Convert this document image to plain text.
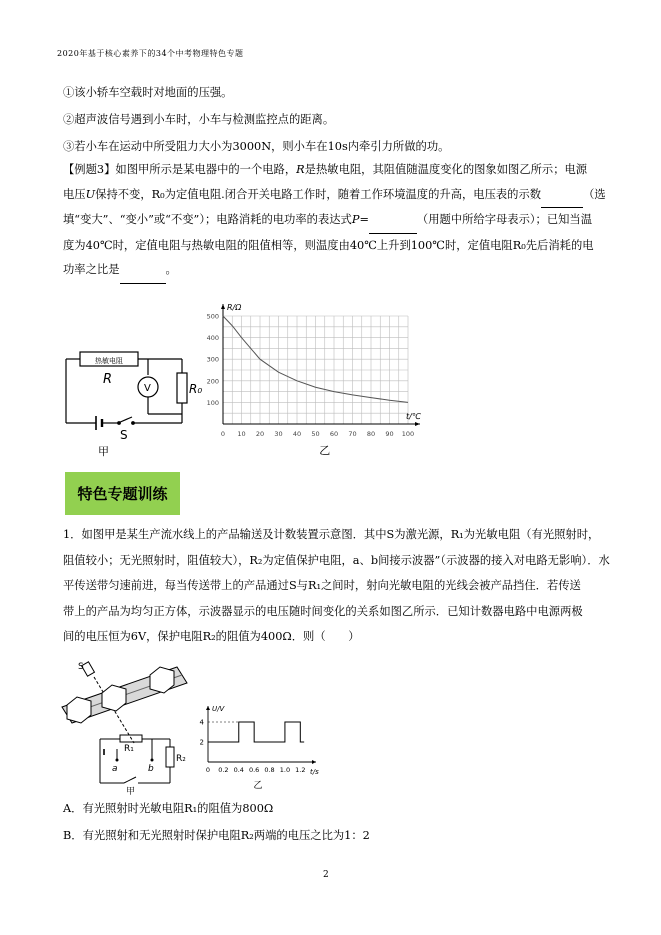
2020年基于核心素养下的34个中考物理特色专题
①该小轿车空载时对地面的压强。
②超声波信号遇到小车时，小车与检测监控点的距离。
③若小车在运动中所受阻力大小为3000N，则小车在10s内牵引力所做的功。
【例题3】如图甲所示是某电器中的一个电路，R是热敏电阻，其阻值随温度变化的图象如图乙所示；电源
电压U保持不变，R₀为定值电阻.闭合开关电路工作时，随着工作环境温度的升高，电压表的示数	（选
填“变大”、“变小”或“不变”）；电路消耗的电功率的表达式P=	（用题中所给字母表示）；已知当温
度为40℃时，定值电阻与热敏电阻的阻值相等，则温度由40℃上升到100℃时，定值电阻R₀先后消耗的电
功率之比是	。
热敏电阻
R
V	R₀
S
甲
0 10 20 30 40 50 60 70 80 90 100
100
200
300
400
500
R/Ω
t/℃
乙
特色专题训练
1．如图甲是某生产流水线上的产品输送及计数装置示意图．其中S为激光源，R₁为光敏电阻（有光照射时，
阻值较小；无光照射时，阻值较大），R₂为定值保护电阻，a、b间接示波器”（示波器的接入对电路无影响）．水
平传送带匀速前进，每当传送带上的产品通过S与R₁之间时，射向光敏电阻的光线会被产品挡住．若传送
带上的产品为均匀正方体，示波器显示的电压随时间变化的关系如图乙所示．已知计数器电路中电源两极
间的电压恒为6V，保护电阻R₂的阻值为400Ω．则（　　）
S
R₁
R₂
a	b
甲
U/V
t/s
2
4
0 0.2 0.4 0.6 0.8 1.0 1.2
乙
A．有光照射时光敏电阻R₁的阻值为800Ω
B．有光照射和无光照射时保护电阻R₂两端的电压之比为1：2
2
